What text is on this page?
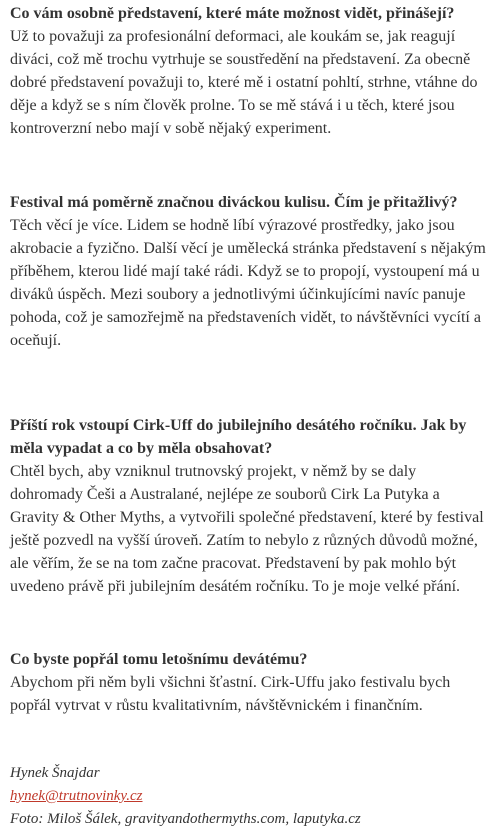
Co vám osobně představení, které máte možnost vidět, přinášejí?

Už to považuji za profesionální deformaci, ale koukám se, jak reagují diváci, což mě trochu vytrhuje se soustředění na představení. Za obecně dobré představení považuji to, které mě i ostatní pohltí, strhne, vtáhne do děje a když se s ním člověk prolne. To se mě stává i u těch, které jsou kontroverzní nebo mají v sobě nějaký experiment.

Festival má poměrně značnou diváckou kulisu. Čím je přitažlivý?

Těch věcí je více. Lidem se hodně líbí výrazové prostředky, jako jsou akrobacie a fyzično. Další věcí je umělecká stránka představení s nějakým příběhem, kterou lidé mají také rádi. Když se to propojí, vystoupení má u diváků úspěch. Mezi soubory a jednotlivými účinkujícími navíc panuje pohoda, což je samozřejmě na představeních vidět, to návštěvníci vycítí a oceňují.

Příští rok vstoupí Cirk-Uff do jubilejního desátého ročníku. Jak by měla vypadat a co by měla obsahovat?

Chtěl bych, aby vzniknul trutnovský projekt, v němž by se daly dohromady Češi a Australané, nejlépe ze souborů Cirk La Putyka a Gravity & Other Myths, a vytvořili společné představení, které by festival ještě pozvedl na vyšší úroveň. Zatím to nebylo z různých důvodů možné, ale věřím, že se na tom začne pracovat. Představení by pak mohlo být uvedeno právě při jubilejním desátém ročníku. To je moje velké přání.

Co byste popřál tomu letošnímu devátému?

Abychom při něm byli všichni šťastní. Cirk-Uffu jako festivalu bych popřál vytrvat v růstu kvalitativním, návštěvnickém i finančním.

Hynek Šnajdar
hynek@trutnovinky.cz
Foto: Miloš Šálek, gravityandothermyths.com, laputyka.cz
